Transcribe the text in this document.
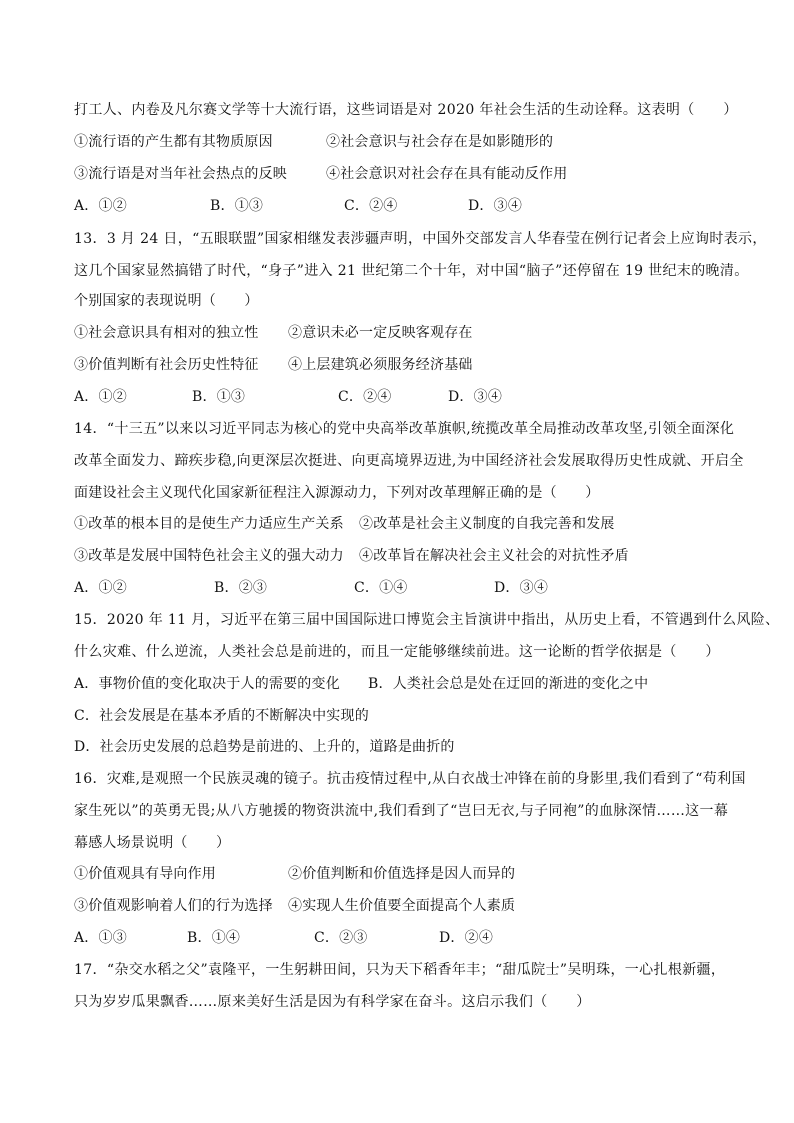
打工人、内卷及凡尔赛文学等十大流行语，这些词语是对 2020 年社会生活的生动诠释。这表明（　　）
①流行语的产生都有其物质原因	②社会意识与社会存在是如影随形的
③流行语是对当年社会热点的反映	④社会意识对社会存在具有能动反作用
A．①②	B．①③	C．②④	D．③④
13．3 月 24 日，“五眼联盟”国家相继发表涉疆声明，中国外交部发言人华春莹在例行记者会上应询时表示，
这几个国家显然搞错了时代，“身子”进入 21 世纪第二个十年，对中国“脑子”还停留在 19 世纪末的晚清。
个别国家的表现说明（　　）
①社会意识具有相对的独立性 ②意识未必一定反映客观存在
③价值判断有社会历史性特征 ④上层建筑必须服务经济基础
A．①②	B．①③	C．②④	D．③④
14．“十三五”以来以习近平同志为核心的党中央高举改革旗帜,统揽改革全局推动改革攻坚,引领全面深化
改革全面发力、蹄疾步稳,向更深层次挺进、向更高境界迈进,为中国经济社会发展取得历史性成就、开启全
面建设社会主义现代化国家新征程注入源源动力，下列对改革理解正确的是（　　）
①改革的根本目的是使生产力适应生产关系 ②改革是社会主义制度的自我完善和发展
③改革是发展中国特色社会主义的强大动力 ④改革旨在解决社会主义社会的对抗性矛盾
A．①②	B．②③	C．①④	D．③④
15．2020 年 11 月，习近平在第三届中国国际进口博览会主旨演讲中指出，从历史上看，不管遇到什么风险、
什么灾难、什么逆流，人类社会总是前进的，而且一定能够继续前进。这一论断的哲学依据是（　　）
A．事物价值的变化取决于人的需要的变化 B．人类社会总是处在迂回的渐进的变化之中
C．社会发展是在基本矛盾的不断解决中实现的
D．社会历史发展的总趋势是前进的、上升的，道路是曲折的
16．灾难,是观照一个民族灵魂的镜子。抗击疫情过程中,从白衣战士冲锋在前的身影里,我们看到了“苟利国
家生死以”的英勇无畏;从八方驰援的物资洪流中,我们看到了“岂曰无衣,与子同袍”的血脉深情……这一幕
幕感人场景说明（　　）
①价值观具有导向作用	②价值判断和价值选择是因人而异的
③价值观影响着人们的行为选择 ④实现人生价值要全面提高个人素质
A．①③	B．①④	C．②③	D．②④
17．“杂交水稻之父”袁隆平，一生躬耕田间，只为天下稻香年丰；“甜瓜院士”吴明珠，一心扎根新疆，
只为岁岁瓜果飘香……原来美好生活是因为有科学家在奋斗。这启示我们（　　）
